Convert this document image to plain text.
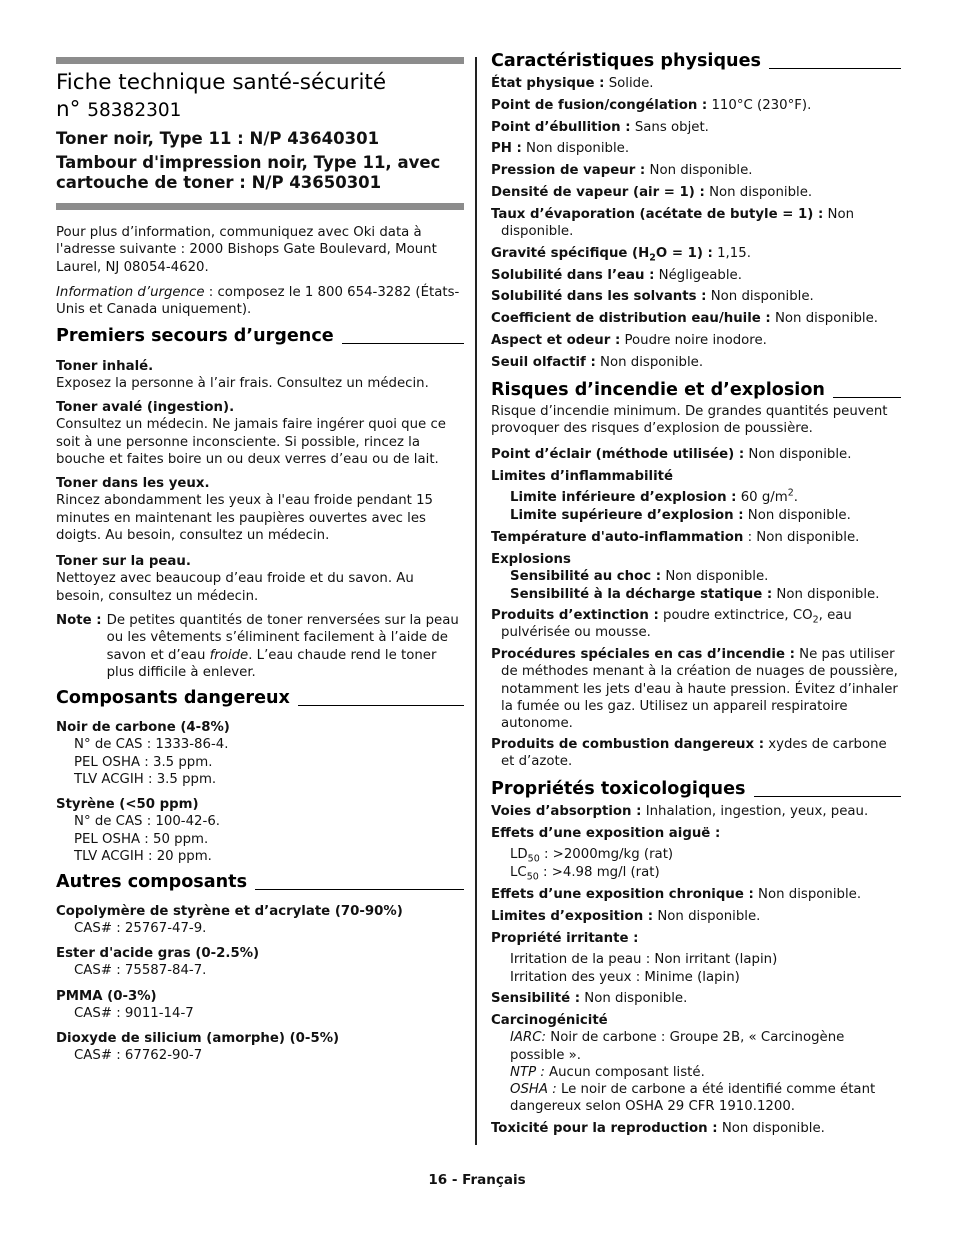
Fiche technique santé-sécurité
n° 58382301

Toner noir, Type 11 : N/P 43640301

Tambour d'impression noir, Type 11, avec cartouche de toner : N/P 43650301

Pour plus d’information, communiquez avec Oki data à l'adresse suivante : 2000 Bishops Gate Boulevard, Mount Laurel, NJ 08054-4620.

Information d’urgence : composez le 1 800 654-3282 (États-Unis et Canada uniquement).

Premiers secours d’urgence

Toner inhalé.

Exposez la personne à l’air frais. Consultez un médecin.

Toner avalé (ingestion).

Consultez un médecin. Ne jamais faire ingérer quoi que ce soit à une personne inconsciente. Si possible, rincez la bouche et faites boire un ou deux verres d’eau ou de lait.

Toner dans les yeux.

Rincez abondamment les yeux à l'eau froide pendant 15 minutes en maintenant les paupières ouvertes avec les doigts. Au besoin, consultez un médecin.

Toner sur la peau.

Nettoyez avec beaucoup d’eau froide et du savon. Au besoin, consultez un médecin.

Note : De petites quantités de toner renversées sur la peau ou les vêtements s’éliminent facilement à l’aide de savon et d’eau froide. L’eau chaude rend le toner plus difficile à enlever.
Composants dangereux

Noir de carbone (4-8%)

N° de CAS : 1333-86-4.

PEL OSHA : 3.5 ppm.

TLV ACGIH : 3.5 ppm.

Styrène (<50 ppm)

N° de CAS : 100-42-6.

PEL OSHA : 50 ppm.

TLV ACGIH : 20 ppm.

Autres composants

Copolymère de styrène et d’acrylate (70-90%)

CAS# : 25767-47-9.

Ester d'acide gras (0-2.5%)

CAS# : 75587-84-7.

PMMA (0-3%)

CAS# : 9011-14-7

Dioxyde de silicium (amorphe) (0-5%)

CAS# : 67762-90-7

Caractéristiques physiques

État physique : Solide.

Point de fusion/congélation : 110°C (230°F).

Point d’ébullition : Sans objet.

PH : Non disponible.

Pression de vapeur : Non disponible.

Densité de vapeur (air = 1) : Non disponible.

Taux d’évaporation (acétate de butyle = 1) : Non disponible.

Gravité spécifique $(H_2O = 1)$ : 1,15.

Solubilité dans l’eau : Négligeable.

Solubilité dans les solvants : Non disponible.

Coefficient de distribution eau/huile : Non disponible.

Aspect et odeur : Poudre noire inodore.

Seuil olfactif : Non disponible.

Risques d’incendie et d’explosion

Risque d’incendie minimum. De grandes quantités peuvent provoquer des risques d’explosion de poussière.

Point d’éclair (méthode utilisée) : Non disponible.

Limites d’inflammabilité

Limite inférieure d’explosion : 60 $g/m^2$.

Limite supérieure d’explosion : Non disponible.

Température d'auto-inflammation : Non disponible.

Explosions

Sensibilité au choc : Non disponible.

Sensibilité à la décharge statique : Non disponible.

Produits d’extinction : poudre extinctrice, $CO_2$, eau pulvérisée ou mousse.

Procédures spéciales en cas d’incendie : Ne pas utiliser de méthodes menant à la création de nuages de poussière, notamment les jets d'eau à haute pression. Évitez d’inhaler la fumée ou les gaz. Utilisez un appareil respiratoire autonome.

Produits de combustion dangereux : xydes de carbone et d’azote.

Propriétés toxicologiques

Voies d’absorption : Inhalation, ingestion, yeux, peau.

Effets d’une exposition aiguë :

$LD_{50}$ : >2000mg/kg (rat)

$LC_{50}$ : >4.98 mg/l (rat)

Effets d’une exposition chronique : Non disponible.

Limites d’exposition : Non disponible.

Propriété irritante :

Irritation de la peau : Non irritant (lapin)

Irritation des yeux : Minime (lapin)

Sensibilité : Non disponible.

Carcinogénicité

IARC: Noir de carbone : Groupe 2B, « Carcinogène possible ».

NTP : Aucun composant listé.

OSHA : Le noir de carbone a été identifié comme étant dangereux selon OSHA 29 CFR 1910.1200.

Toxicité pour la reproduction : Non disponible.

16 - Français
